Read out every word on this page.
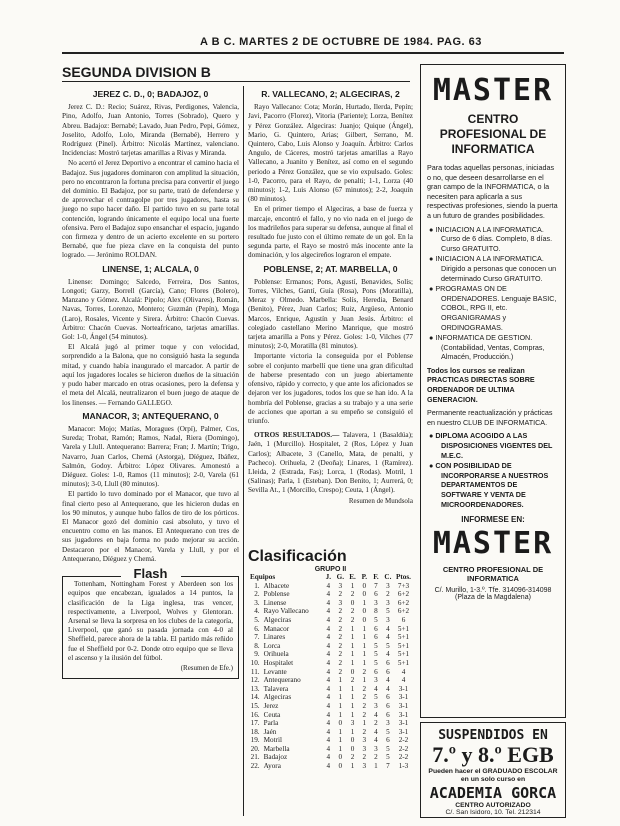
A B C. MARTES 2 DE OCTUBRE DE 1984. PAG. 63
SEGUNDA DIVISION B
JEREZ C. D., 0; BADAJOZ, 0

Jerez C. D.: Recio; Suárez, Rivas, Perdigones, Valencia, Pino, Adolfo, Juan Antonio, Torres (Sobrado), Quero y Abreu. Badajoz: Bernabé; Lavado, Juan Pedro, Pepi, Gómez, Joselito, Adolfo, Lolo, Miranda (Bernabé), Herrero y Rodríguez (Pinel). Árbitro: Nicolás Martínez, valenciano. Incidencias: Mostró tarjetas amarillas a Rivas y Miranda.

No acertó el Jerez Deportivo a encontrar el camino hacia el Badajoz. Sus jugadores dominaron con amplitud la situación, pero no encontraron la fortuna precisa para convertir el juego del dominio. El Badajoz, por su parte, trató de defenderse y de aprovechar el contragolpe por tres jugadores, hasta su juego no supo hacer daño. El partido tuvo en su parte total contención, logrando únicamente el equipo local una fuerte ofensiva. Pero el Badajoz supo ensanchar el espacio, jugando con firmeza y dentro de un acierto excelente en su portero Bernabé, que fue pieza clave en la conquista del punto logrado. — Jerónimo ROLDAN.

LINENSE, 1; ALCALA, 0

Linense: Domingo; Salcedo, Ferreira, Dos Santos, Longoti; Garzy, Borrell (García), Cano; Flores (Bolero), Manzano y Gómez. Alcalá: Pipolo; Alex (Olivares), Román, Navas, Torres, Lorenzo, Montero; Guzmán (Pepín), Moga (Laro), Rosales, Vicente y Sirera. Árbitro: Chacón Cuevas. Árbitro: Chacón Cuevas. Norteafricano, tarjetas amarillas. Gol: 1-0, Ángel (54 minutos).

El Alcalá jugó al primer toque y con velocidad, sorprendido a la Balona, que no consiguió hasta la segunda mitad, y cuando había inaugurado el marcador. A partir de aquí los jugadores locales se hicieron dueños de la situación y pudo haber marcado en otras ocasiones, pero la defensa y el meta del Alcalá, neutralizaron el buen juego de ataque de los linenses. — Fernando GALLEGO.

MANACOR, 3; ANTEQUERANO, 0

Manacor: Mojo; Matías, Moragues (Orpí), Palmer, Cos, Sureda; Trobat, Ramón; Ramos, Nadal, Riera (Domingo), Varela y Llull. Antequerano: Barrera; Fran; J. Martín; Trigo, Navarro, Juan Carlos, Chemá (Astorga), Díéguez, Ibáñez, Salmón, Godoy. Árbitro: López Olivares. Amonestó a Díéguez. Goles: 1-0, Ramos (11 minutos); 2-0, Varela (61 minutos); 3-0, Llull (80 minutos).

El partido lo tuvo dominado por el Manacor, que tuvo al final cierto peso al Antequerano, que les hicieron dudas en los 90 minutos, y aunque hubo fallos de tiro de los pórticos. El Manacor gozó del dominio casi absoluto, y tuvo el encuentro como en las manos. El Antequerano con tres de sus jugadores en baja forma no pudo mejorar su acción. Destacaron por el Manacor, Varela y Llull, y por el Antequerano, Díéguez y Chemá.

Flash

Tottenham, Nottingham Forest y Aberdeen son los equipos que encabezan, igualados a 14 puntos, la clasificación de la Liga inglesa, tras vencer, respectivamente, a Liverpool, Wolves y Glentoran. Arsenal se lleva la sorpresa en los clubes de la categoría, Liverpool, que ganó su pasada jornada con 4-0 al Sheffield, parece ahora de la tabla. El partido más reñido fue el Sheffield por 0-2. Donde otro equipo que se lleva el ascenso y la ilusión del fútbol.

(Resumen de Efe.)

R. VALLECANO, 2; ALGECIRAS, 2

Rayo Vallecano: Cota; Morán, Hurtado, Ilerda, Pepín; Javi, Pacorro (Florez), Vitoria (Pariente); Lorza, Benítez y Pérez González. Algeciras: Juanjo; Quique (Ángel), Mario, G. Quintero, Arias; Gilbert, Serrano, M. Quintero, Cabo, Luis Alonso y Joaquín. Árbitro: Carlos Angulo, de Cáceres, mostró tarjetas amarillas a Rayo Vallecano, a Juanito y Benítez, así como en el segundo periodo a Pérez González, que se vio expulsado. Goles: 1-0, Pacorro, para el Rayo, de penalti; 1-1, Lorza (40 minutos); 1-2, Luis Alonso (67 minutos); 2-2, Joaquín (80 minutos).

En el primer tiempo el Algeciras, a base de fuerza y marcaje, encontró el fallo, y no vio nada en el juego de los madrileños para superar su defensa, aunque al final el resultado fue justo con el último remate de un gol. En la segunda parte, el Rayo se mostró más inocente ante la dominación, y los algecireños lograron el empate.

POBLENSE, 2; AT. MARBELLA, 0

Poblense: Ermanos; Pons, Agustí, Benavides, Solís; Torres, Vilches, Gantí, Guía (Rosa), Pons (Moratilla), Meraz y Olmedo. Marbella: Solís, Heredia, Benard (Benito), Pérez, Juan Carlos; Ruiz, Argüeso, Antonio Marcos, Enrique, Agustín y Juan Jesús. Árbitro: el colegiado castellano Merino Manrique, que mostró tarjeta amarilla a Pons y Pérez. Goles: 1-0, Vilches (77 minutos); 2-0, Moratilla (81 minutos).

Importante victoria la conseguida por el Poblense sobre el conjunto marbellí que tiene una gran dificultad de haberse presentado con un juego abiertamente ofensivo, rápido y correcto, y que ante los aficionados se dejaron ver los jugadores, todos los que se han ido. A la hombría del Poblense, gracias a su trabajo y a una serie de acciones que aportan a su empeño se consiguió el triunfo.

OTROS RESULTADOS.— Talavera, 1 (Basaldúa); Jaén, 1 (Murcillo). Hospitalet, 2 (Ros, López y Juan Carlos); Albacete, 3 (Canello, Mata, de penalti, y Pacheco). Orihuela, 2 (Deoña); Linares, 1 (Ramírez). Lleida, 2 (Estrada, Fas); Lorca, 1 (Rodas). Motril, 1 (Salinas); Parla, 1 (Esteban). Don Benito, 1; Aurrerá, 0; Sevilla At., 1 (Morcillo, Crespo); Ceuta, 1 (Ángel).

Resumen de Mundsola

Clasificación
GRUPO II
Equipos		J.	G.	E.	P.	F.	C.	Ptos.
1.	Albacete	4	3	1	0	7	3	7+3
2.	Poblense	4	2	2	0	6	2	6+2
3.	Linense	4	3	0	1	3	3	6+2
4.	Rayo Vallecano	4	2	2	0	8	5	6+2
5.	Algeciras	4	2	2	0	5	3	6
6.	Manacor	4	2	1	1	6	4	5+1
7.	Linares	4	2	1	1	6	4	5+1
8.	Lorca	4	2	1	1	5	5	5+1
9.	Orihuela	4	2	1	1	5	4	5+1
10.	Hospitalet	4	2	1	1	5	6	5+1
11.	Levante	4	2	0	2	6	6	4
12.	Antequerano	4	1	2	1	3	4	4
13.	Talavera	4	1	1	2	4	4	3-1
14.	Algeciras	4	1	1	2	5	6	3-1
15.	Jerez	4	1	1	2	3	6	3-1
16.	Ceuta	4	1	1	2	4	6	3-1
17.	Parla	4	0	3	1	2	3	3-1
18.	Jaén	4	1	1	2	4	5	3-1
19.	Motril	4	1	0	3	4	6	2-2
20.	Marbella	4	1	0	3	3	5	2-2
21.	Badajoz	4	0	2	2	2	5	2-2
22.	Ayora	4	0	1	3	1	7	1-3
MASTER
CENTRO
PROFESIONAL DE
INFORMATICA

Para todas aquellas personas, iniciadas o no, que deseen desarrollarse en el gran campo de la INFORMATICA, o la necesiten para aplicarla a sus respectivas profesiones, siendo la puerta a un futuro de grandes posibilidades.

● INICIACION A LA INFORMATICA. Curso de 6 días. Completo, 8 días. Curso GRATUITO.
● INICIACION A LA INFORMATICA. Dirigido a personas que conocen un determinado Curso GRATUITO.
● PROGRAMAS ON DE ORDENADORES. Lenguaje BASIC, COBOL, RPG II, etc. ORGANIGRAMAS y ORDINOGRAMAS.
● INFORMATICA DE GESTION. (Contabilidad, Ventas, Compras, Almacén, Producción.)

Todos los cursos se realizan PRACTICAS DIRECTAS SOBRE ORDENADOR DE ULTIMA GENERACION.

Permanente reactualización y prácticas en nuestro CLUB DE INFORMATICA.

● DIPLOMA ACOGIDO A LAS DISPOSICIONES VIGENTES DEL M.E.C.
● CON POSIBILIDAD DE INCORPORARSE A NUESTROS DEPARTAMENTOS DE SOFTWARE Y VENTA DE MICROORDENADORES.
INFORMESE EN:
MASTER
CENTRO PROFESIONAL DE INFORMATICA
C/. Murillo, 1-3.º. Tfe. 314096-314098 (Plaza de la Magdalena)
SUSPENDIDOS EN
7.º y 8.º EGB
Pueden hacer el GRADUADO ESCOLAR en un solo curso en
ACADEMIA GORCA
CENTRO AUTORIZADO
C/. San Isidoro, 10. Tel. 212314
